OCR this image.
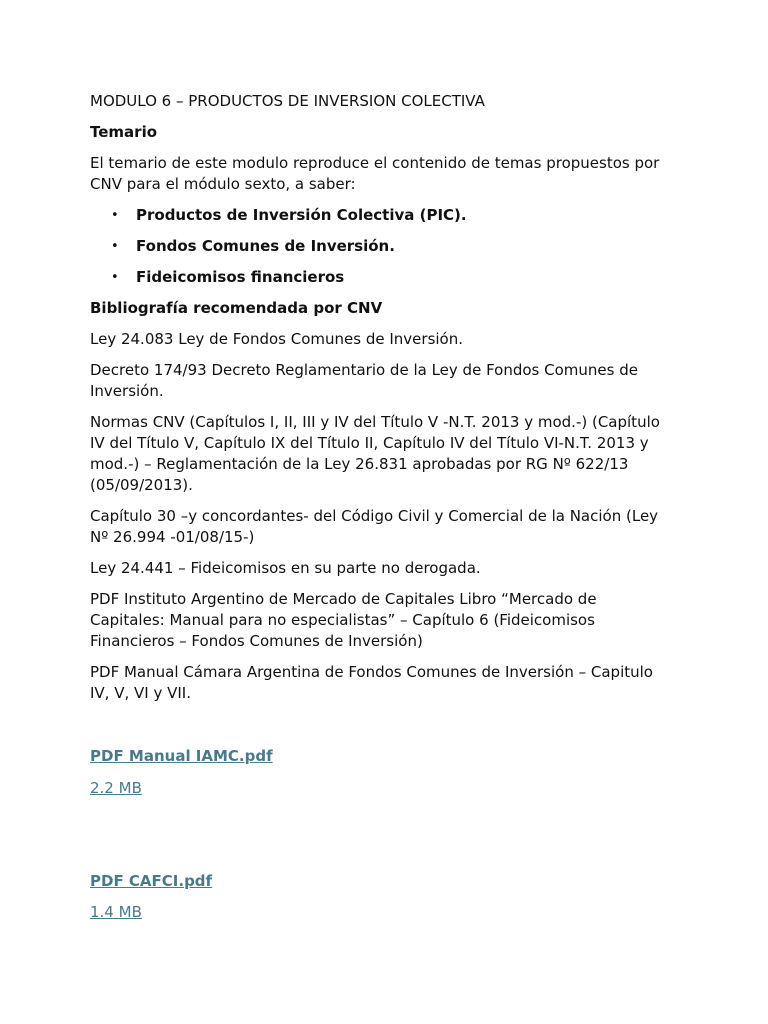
MODULO 6 – PRODUCTOS DE INVERSION COLECTIVA

Temario

El temario de este modulo reproduce el contenido de temas propuestos por CNV para el módulo sexto, a saber:

• Productos de Inversión Colectiva (PIC).
• Fondos Comunes de Inversión.
• Fideicomisos financieros

Bibliografía recomendada por CNV

Ley 24.083 Ley de Fondos Comunes de Inversión.

Decreto 174/93 Decreto Reglamentario de la Ley de Fondos Comunes de Inversión.

Normas CNV (Capítulos I, II, III y IV del Título V -N.T. 2013 y mod.-) (Capítulo IV del Título V, Capítulo IX del Título II, Capítulo IV del Título VI-N.T. 2013 y mod.-) – Reglamentación de la Ley 26.831 aprobadas por RG Nº 622/13 (05/09/2013).

Capítulo 30 –y concordantes- del Código Civil y Comercial de la Nación (Ley Nº 26.994 -01/08/15-)

Ley 24.441 – Fideicomisos en su parte no derogada.

PDF Instituto Argentino de Mercado de Capitales Libro “Mercado de Capitales: Manual para no especialistas” – Capítulo 6 (Fideicomisos Financieros – Fondos Comunes de Inversión)

PDF Manual Cámara Argentina de Fondos Comunes de Inversión – Capitulo IV, V, VI y VII.

PDF Manual IAMC.pdf
2.2 MB
PDF CAFCI.pdf
1.4 MB
